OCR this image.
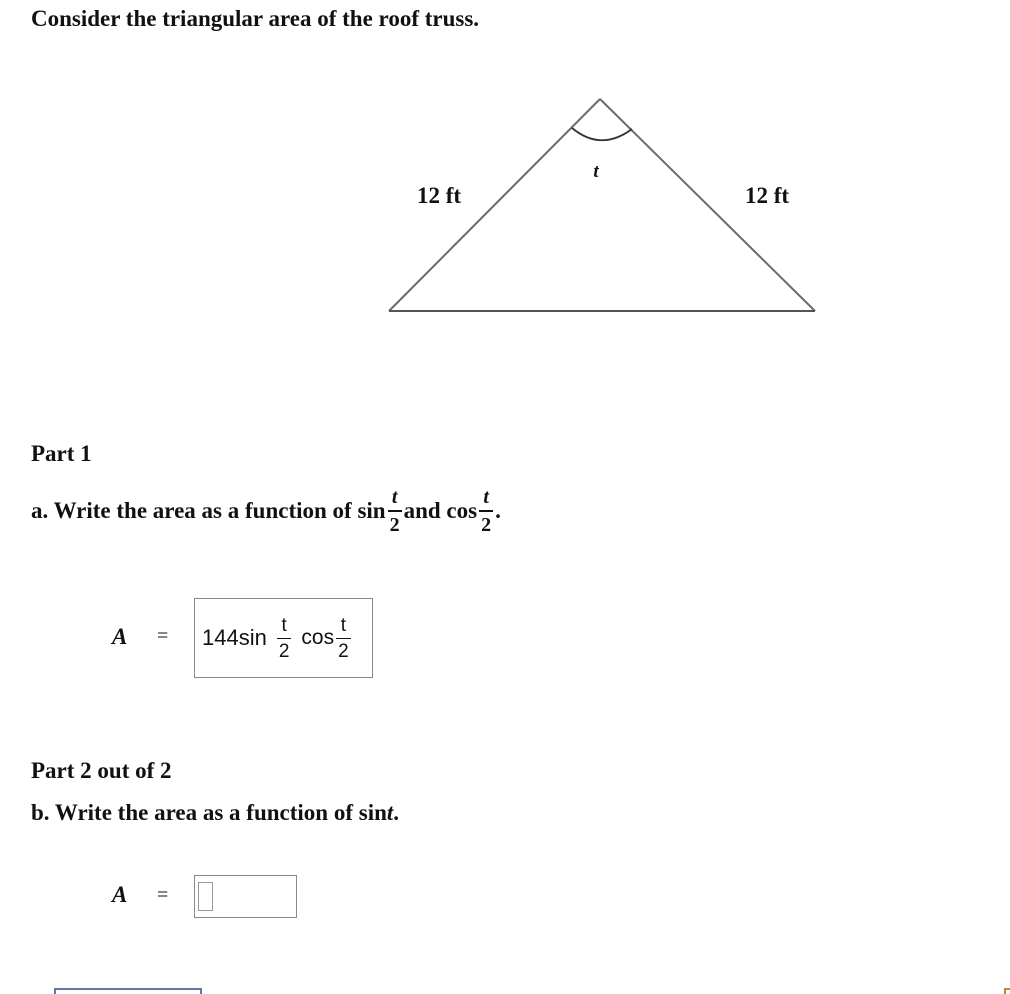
Consider the triangular area of the roof truss.
t
12 ft	12 ft
Part 1
a. Write the area as a function of $\sin \frac{t}{2}$ and $\cos \frac{t}{2}$ .
$A = 144\sin \frac{t}{2}$ $\cos \frac{t}{2}$
Part 2 out of 2
b. Write the area as a function of sint.
A =
